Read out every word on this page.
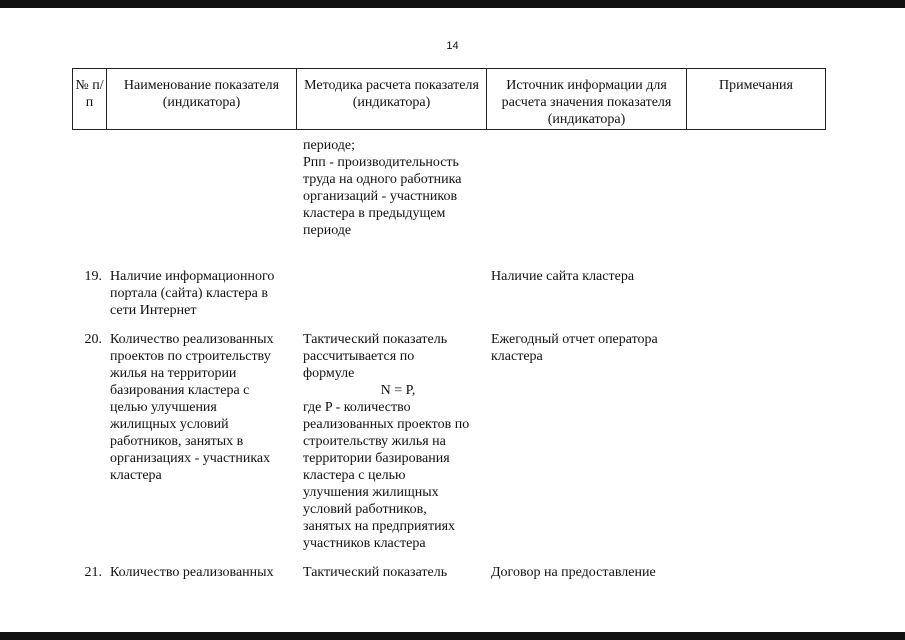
14
№ п/п
Наименование показателя (индикатора)
Методика расчета показателя (индикатора)
Источник информации для расчета значения показателя (индикатора)
Примечания
периоде;
Рпп - производительность
труда на одного работника
организаций - участников
кластера в предыдущем
периоде
19. Наличие информационного
портала (сайта) кластера в
сети Интернет
Наличие сайта кластера
20. Количество реализованных
проектов по строительству
жилья на территории
базирования кластера с
целью улучшения
жилищных условий
работников, занятых в
организациях - участниках
кластера
Тактический показатель
рассчитывается по
формуле
N = P,
где P - количество
реализованных проектов по
строительству жилья на
территории базирования
кластера с целью
улучшения жилищных
условий работников,
занятых на предприятиях
участников кластера
Ежегодный отчет оператора
кластера
21. Количество реализованных	Тактический показатель	Договор на предоставление
